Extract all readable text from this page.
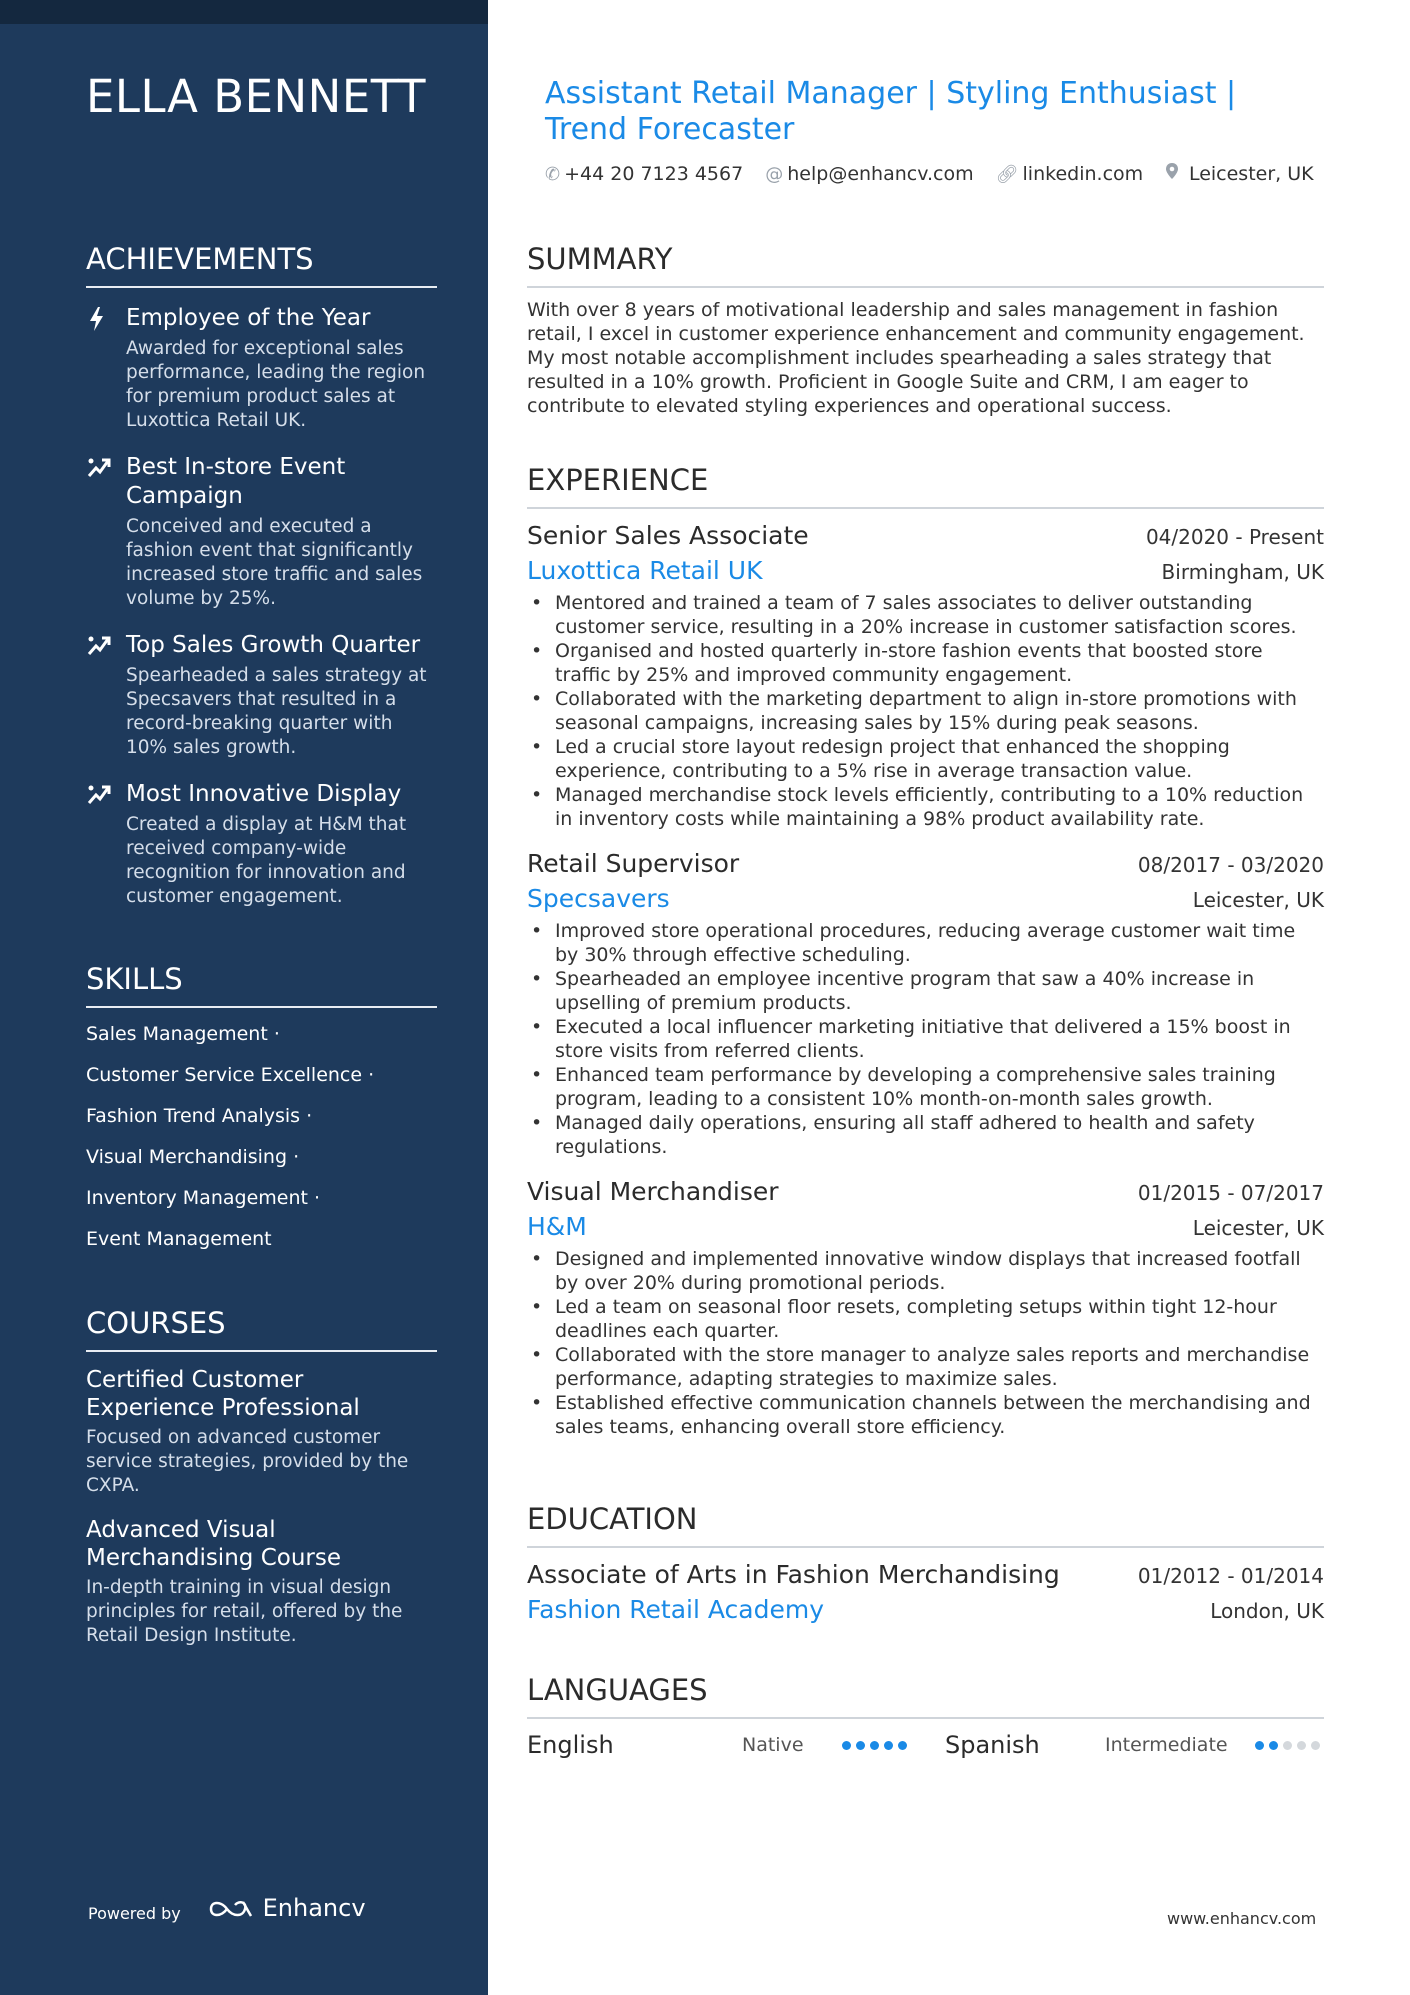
ELLA BENNETT
ACHIEVEMENTS
Employee of the Year
Awarded for exceptional sales performance, leading the region for premium product sales at Luxottica Retail UK.
Best In-store Event Campaign
Conceived and executed a fashion event that significantly increased store traffic and sales volume by 25%.
Top Sales Growth Quarter
Spearheaded a sales strategy at Specsavers that resulted in a record-breaking quarter with 10% sales growth.
Most Innovative Display
Created a display at H&M that received company-wide recognition for innovation and customer engagement.
SKILLS
Sales Management ·
Customer Service Excellence ·
Fashion Trend Analysis ·
Visual Merchandising ·
Inventory Management ·
Event Management
COURSES
Certified Customer Experience Professional
Focused on advanced customer service strategies, provided by the CXPA.
Advanced Visual Merchandising Course
In-depth training in visual design principles for retail, offered by the Retail Design Institute.
Powered by	Enhancv
Assistant Retail Manager | Styling Enthusiast | Trend Forecaster
✆ +44 20 7123 4567 @ help@enhancv.com 🔗︎ linkedin.com Leicester, UK
SUMMARY
With over 8 years of motivational leadership and sales management in fashion retail, I excel in customer experience enhancement and community engagement. My most notable accomplishment includes spearheading a sales strategy that resulted in a 10% growth. Proficient in Google Suite and CRM, I am eager to contribute to elevated styling experiences and operational success.
EXPERIENCE
Senior Sales Associate	04/2020 - Present
Luxottica Retail UK	Birmingham, UK
• Mentored and trained a team of 7 sales associates to deliver outstanding customer service, resulting in a 20% increase in customer satisfaction scores.
• Organised and hosted quarterly in-store fashion events that boosted store traffic by 25% and improved community engagement.
• Collaborated with the marketing department to align in-store promotions with seasonal campaigns, increasing sales by 15% during peak seasons.
• Led a crucial store layout redesign project that enhanced the shopping experience, contributing to a 5% rise in average transaction value.
• Managed merchandise stock levels efficiently, contributing to a 10% reduction in inventory costs while maintaining a 98% product availability rate.
Retail Supervisor	08/2017 - 03/2020
Specsavers	Leicester, UK
• Improved store operational procedures, reducing average customer wait time by 30% through effective scheduling.
• Spearheaded an employee incentive program that saw a 40% increase in upselling of premium products.
• Executed a local influencer marketing initiative that delivered a 15% boost in store visits from referred clients.
• Enhanced team performance by developing a comprehensive sales training program, leading to a consistent 10% month-on-month sales growth.
• Managed daily operations, ensuring all staff adhered to health and safety regulations.
Visual Merchandiser	01/2015 - 07/2017
H&M	Leicester, UK
• Designed and implemented innovative window displays that increased footfall by over 20% during promotional periods.
• Led a team on seasonal floor resets, completing setups within tight 12-hour deadlines each quarter.
• Collaborated with the store manager to analyze sales reports and merchandise performance, adapting strategies to maximize sales.
• Established effective communication channels between the merchandising and sales teams, enhancing overall store efficiency.
EDUCATION
Associate of Arts in Fashion Merchandising	01/2012 - 01/2014
Fashion Retail Academy	London, UK
LANGUAGES
English	Native	Spanish	Intermediate
www.enhancv.com
